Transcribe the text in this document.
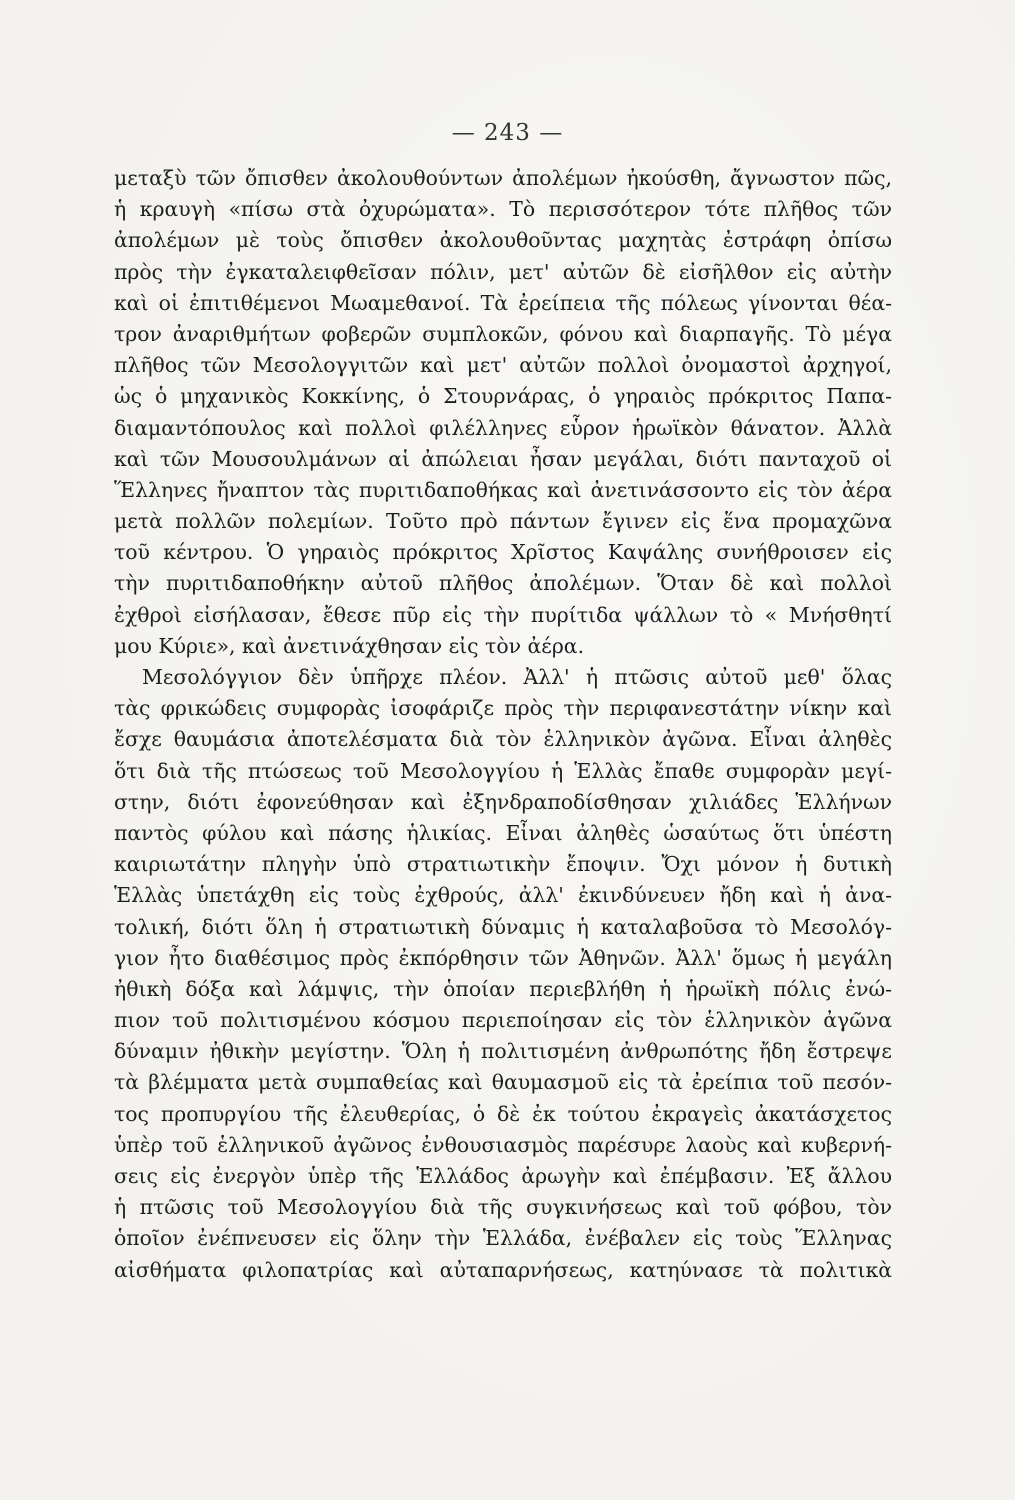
— 243 —
μεταξὺ τῶν ὄπισθεν ἀκολουθούντων ἀπολέμων ἠκούσθη, ἄγνωστον πῶς,
ἡ κραυγὴ «πίσω στὰ ὀχυρώματα». Τὸ περισσότερον τότε πλῆθος τῶν
ἀπολέμων μὲ τοὺς ὄπισθεν ἀκολουθοῦντας μαχητὰς ἐστράφη ὀπίσω
πρὸς τὴν ἐγκαταλειφθεῖσαν πόλιν, μετ' αὐτῶν δὲ εἰσῆλθον εἰς αὐτὴν
καὶ οἱ ἐπιτιθέμενοι Μωαμεθανοί. Τὰ ἐρείπεια τῆς πόλεως γίνονται θέα-
τρον ἀναριθμήτων φοβερῶν συμπλοκῶν, φόνου καὶ διαρπαγῆς. Τὸ μέγα
πλῆθος τῶν Μεσολογγιτῶν καὶ μετ' αὐτῶν πολλοὶ ὀνομαστοὶ ἀρχηγοί,
ὡς ὁ μηχανικὸς Κοκκίνης, ὁ Στουρνάρας, ὁ γηραιὸς πρόκριτος Παπα-
διαμαντόπουλος καὶ πολλοὶ φιλέλληνες εὗρον ἡρωϊκὸν θάνατον. Ἀλλὰ
καὶ τῶν Μουσουλμάνων αἱ ἀπώλειαι ἦσαν μεγάλαι, διότι πανταχοῦ οἱ
Ἕλληνες ἤναπτον τὰς πυριτιδαποθήκας καὶ ἀνετινάσσοντο εἰς τὸν ἀέρα
μετὰ πολλῶν πολεμίων. Τοῦτο πρὸ πάντων ἔγινεν εἰς ἕνα προμαχῶνα
τοῦ κέντρου. Ὁ γηραιὸς πρόκριτος Χρῖστος Καψάλης συνήθροισεν εἰς
τὴν πυριτιδαποθήκην αὐτοῦ πλῆθος ἀπολέμων. Ὅταν δὲ καὶ πολλοὶ
ἐχθροὶ εἰσήλασαν, ἔθεσε πῦρ εἰς τὴν πυρίτιδα ψάλλων τὸ « Μνήσθητί
μου Κύριε», καὶ ἀνετινάχθησαν εἰς τὸν ἀέρα.
Μεσολόγγιον δὲν ὑπῆρχε πλέον. Ἀλλ' ἡ πτῶσις αὐτοῦ μεθ' ὅλας
τὰς φρικώδεις συμφορὰς ἰσοφάριζε πρὸς τὴν περιφανεστάτην νίκην καὶ
ἔσχε θαυμάσια ἀποτελέσματα διὰ τὸν ἑλληνικὸν ἀγῶνα. Εἶναι ἀληθὲς
ὅτι διὰ τῆς πτώσεως τοῦ Μεσολογγίου ἡ Ἑλλὰς ἔπαθε συμφορὰν μεγί-
στην, διότι ἐφονεύθησαν καὶ ἐξηνδραποδίσθησαν χιλιάδες Ἑλλήνων
παντὸς φύλου καὶ πάσης ἡλικίας. Εἶναι ἀληθὲς ὡσαύτως ὅτι ὑπέστη
καιριωτάτην πληγὴν ὑπὸ στρατιωτικὴν ἔποψιν. Ὄχι μόνον ἡ δυτικὴ
Ἑλλὰς ὑπετάχθη εἰς τοὺς ἐχθρούς, ἀλλ' ἐκινδύνευεν ἤδη καὶ ἡ ἀνα-
τολική, διότι ὅλη ἡ στρατιωτικὴ δύναμις ἡ καταλαβοῦσα τὸ Μεσολόγ-
γιον ἦτο διαθέσιμος πρὸς ἐκπόρθησιν τῶν Ἀθηνῶν. Ἀλλ' ὅμως ἡ μεγάλη
ἠθικὴ δόξα καὶ λάμψις, τὴν ὁποίαν περιεβλήθη ἡ ἡρωϊκὴ πόλις ἐνώ-
πιον τοῦ πολιτισμένου κόσμου περιεποίησαν εἰς τὸν ἑλληνικὸν ἀγῶνα
δύναμιν ἠθικὴν μεγίστην. Ὅλη ἡ πολιτισμένη ἀνθρωπότης ἤδη ἔστρεψε
τὰ βλέμματα μετὰ συμπαθείας καὶ θαυμασμοῦ εἰς τὰ ἐρείπια τοῦ πεσόν-
τος προπυργίου τῆς ἐλευθερίας, ὁ δὲ ἐκ τούτου ἐκραγεὶς ἀκατάσχετος
ὑπὲρ τοῦ ἑλληνικοῦ ἀγῶνος ἐνθουσιασμὸς παρέσυρε λαοὺς καὶ κυβερνή-
σεις εἰς ἐνεργὸν ὑπὲρ τῆς Ἑλλάδος ἀρωγὴν καὶ ἐπέμβασιν. Ἐξ ἄλλου
ἡ πτῶσις τοῦ Μεσολογγίου διὰ τῆς συγκινήσεως καὶ τοῦ φόβου, τὸν
ὁποῖον ἐνέπνευσεν εἰς ὅλην τὴν Ἑλλάδα, ἐνέβαλεν εἰς τοὺς Ἕλληνας
αἰσθήματα φιλοπατρίας καὶ αὐταπαρνήσεως, κατηύνασε τὰ πολιτικὰ
